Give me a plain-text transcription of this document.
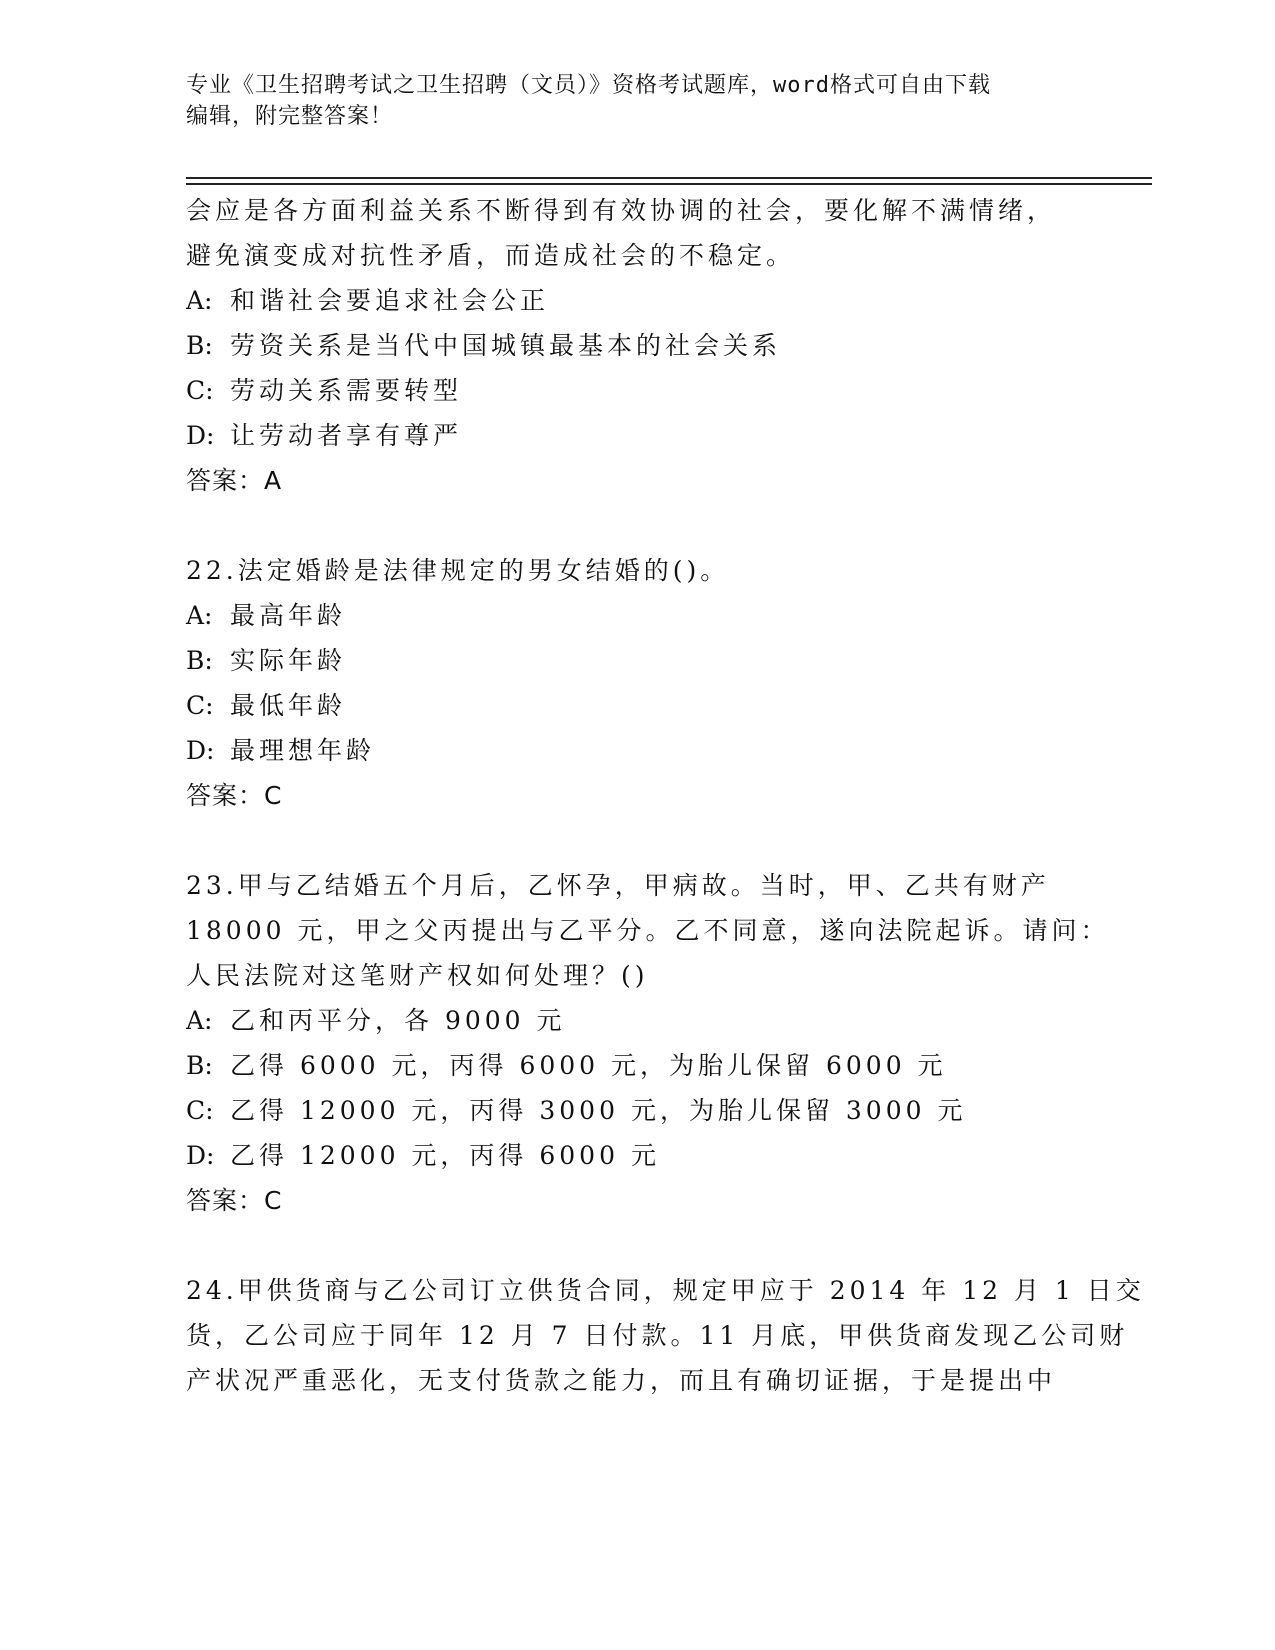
专业《卫生招聘考试之卫生招聘（文员）》资格考试题库，word格式可自由下载
编辑，附完整答案！
会应是各方面利益关系不断得到有效协调的社会，要化解不满情绪，
避免演变成对抗性矛盾，而造成社会的不稳定。
A: 和谐社会要追求社会公正
B: 劳资关系是当代中国城镇最基本的社会关系
C: 劳动关系需要转型
D: 让劳动者享有尊严
答案：A
22.法定婚龄是法律规定的男女结婚的()。
A: 最高年龄
B: 实际年龄
C: 最低年龄
D: 最理想年龄
答案：C
23.甲与乙结婚五个月后，乙怀孕，甲病故。当时，甲、乙共有财产
18000 元，甲之父丙提出与乙平分。乙不同意，遂向法院起诉。请问：
人民法院对这笔财产权如何处理？()
A: 乙和丙平分，各 9000 元
B: 乙得 6000 元，丙得 6000 元，为胎儿保留 6000 元
C: 乙得 12000 元，丙得 3000 元，为胎儿保留 3000 元
D: 乙得 12000 元，丙得 6000 元
答案：C
24.甲供货商与乙公司订立供货合同，规定甲应于 2014 年 12 月 1 日交
货，乙公司应于同年 12 月 7 日付款。11 月底，甲供货商发现乙公司财
产状况严重恶化，无支付货款之能力，而且有确切证据，于是提出中
